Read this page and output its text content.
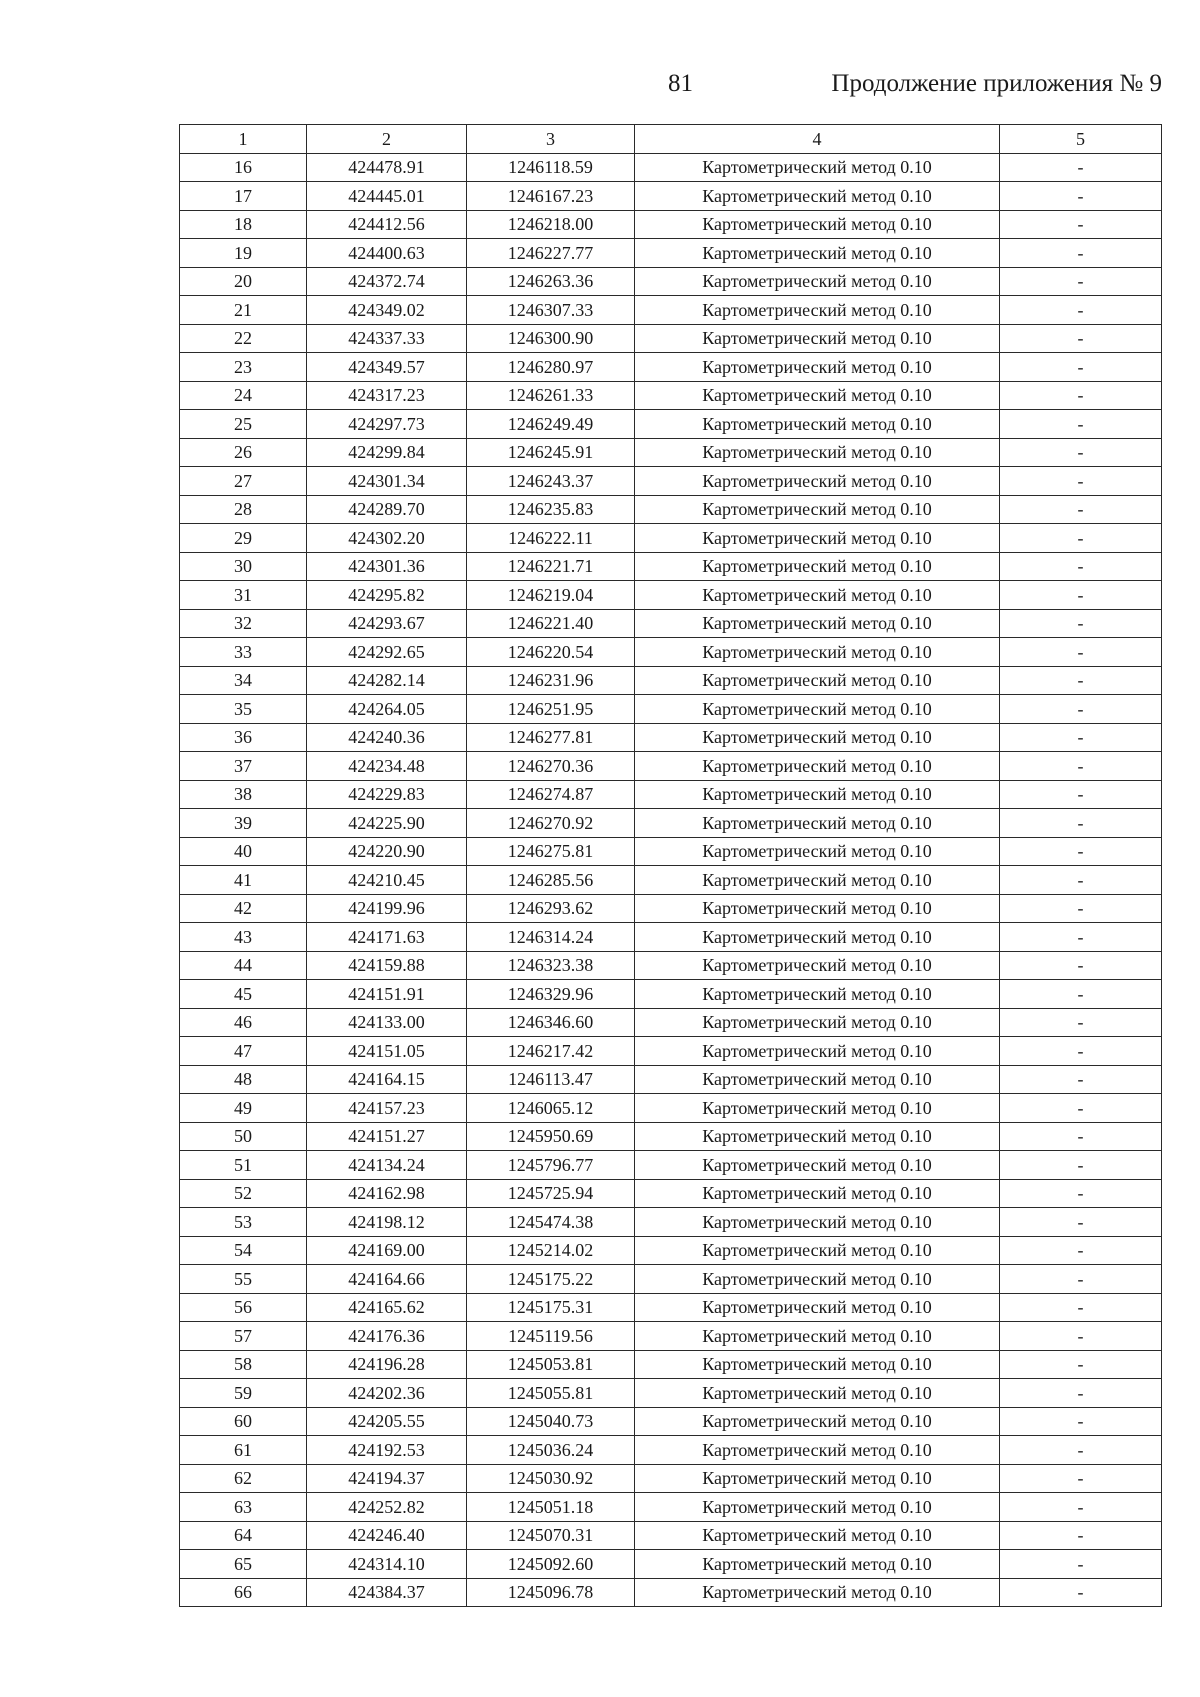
81	Продолжение приложения № 9
1	2	3	4	5
16	424478.91	1246118.59	Картометрический метод 0.10	-
17	424445.01	1246167.23	Картометрический метод 0.10	-
18	424412.56	1246218.00	Картометрический метод 0.10	-
19	424400.63	1246227.77	Картометрический метод 0.10	-
20	424372.74	1246263.36	Картометрический метод 0.10	-
21	424349.02	1246307.33	Картометрический метод 0.10	-
22	424337.33	1246300.90	Картометрический метод 0.10	-
23	424349.57	1246280.97	Картометрический метод 0.10	-
24	424317.23	1246261.33	Картометрический метод 0.10	-
25	424297.73	1246249.49	Картометрический метод 0.10	-
26	424299.84	1246245.91	Картометрический метод 0.10	-
27	424301.34	1246243.37	Картометрический метод 0.10	-
28	424289.70	1246235.83	Картометрический метод 0.10	-
29	424302.20	1246222.11	Картометрический метод 0.10	-
30	424301.36	1246221.71	Картометрический метод 0.10	-
31	424295.82	1246219.04	Картометрический метод 0.10	-
32	424293.67	1246221.40	Картометрический метод 0.10	-
33	424292.65	1246220.54	Картометрический метод 0.10	-
34	424282.14	1246231.96	Картометрический метод 0.10	-
35	424264.05	1246251.95	Картометрический метод 0.10	-
36	424240.36	1246277.81	Картометрический метод 0.10	-
37	424234.48	1246270.36	Картометрический метод 0.10	-
38	424229.83	1246274.87	Картометрический метод 0.10	-
39	424225.90	1246270.92	Картометрический метод 0.10	-
40	424220.90	1246275.81	Картометрический метод 0.10	-
41	424210.45	1246285.56	Картометрический метод 0.10	-
42	424199.96	1246293.62	Картометрический метод 0.10	-
43	424171.63	1246314.24	Картометрический метод 0.10	-
44	424159.88	1246323.38	Картометрический метод 0.10	-
45	424151.91	1246329.96	Картометрический метод 0.10	-
46	424133.00	1246346.60	Картометрический метод 0.10	-
47	424151.05	1246217.42	Картометрический метод 0.10	-
48	424164.15	1246113.47	Картометрический метод 0.10	-
49	424157.23	1246065.12	Картометрический метод 0.10	-
50	424151.27	1245950.69	Картометрический метод 0.10	-
51	424134.24	1245796.77	Картометрический метод 0.10	-
52	424162.98	1245725.94	Картометрический метод 0.10	-
53	424198.12	1245474.38	Картометрический метод 0.10	-
54	424169.00	1245214.02	Картометрический метод 0.10	-
55	424164.66	1245175.22	Картометрический метод 0.10	-
56	424165.62	1245175.31	Картометрический метод 0.10	-
57	424176.36	1245119.56	Картометрический метод 0.10	-
58	424196.28	1245053.81	Картометрический метод 0.10	-
59	424202.36	1245055.81	Картометрический метод 0.10	-
60	424205.55	1245040.73	Картометрический метод 0.10	-
61	424192.53	1245036.24	Картометрический метод 0.10	-
62	424194.37	1245030.92	Картометрический метод 0.10	-
63	424252.82	1245051.18	Картометрический метод 0.10	-
64	424246.40	1245070.31	Картометрический метод 0.10	-
65	424314.10	1245092.60	Картометрический метод 0.10	-
66	424384.37	1245096.78	Картометрический метод 0.10	-
